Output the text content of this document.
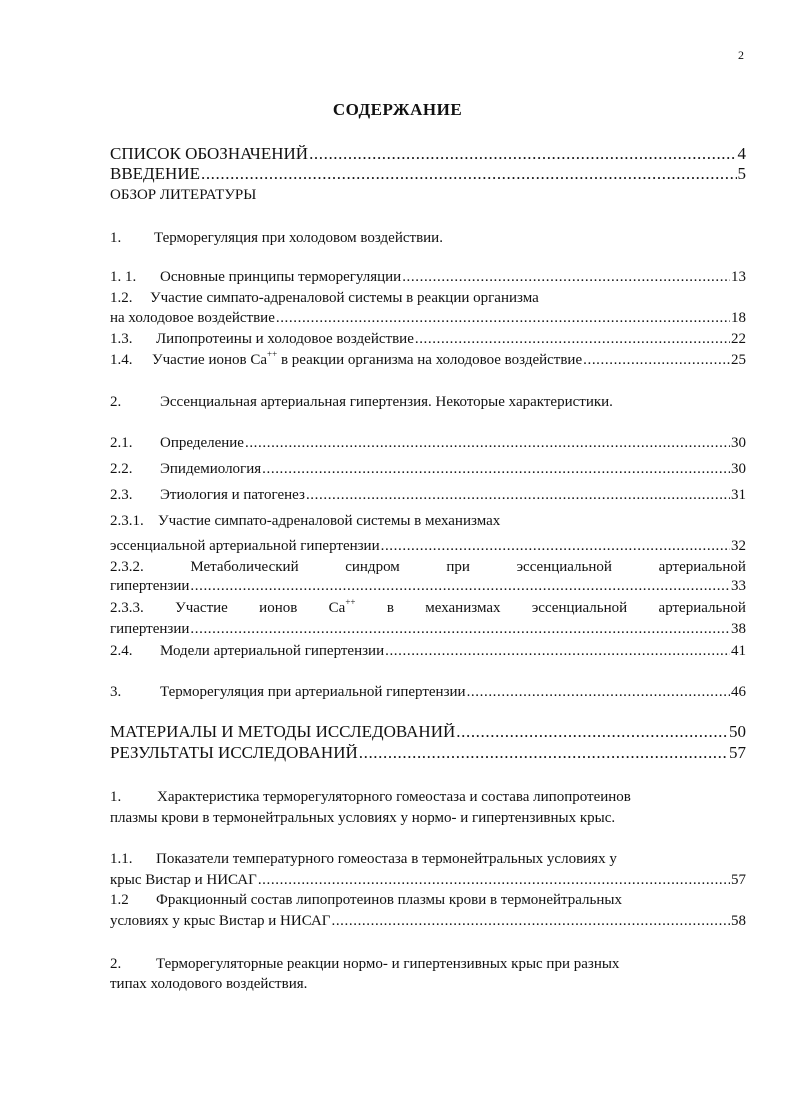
2
СОДЕРЖАНИЕ
СПИСОК ОБОЗНАЧЕНИЙ .....	4
ВВЕДЕНИЕ .....	5
ОБЗОР ЛИТЕРАТУРЫ
1. Терморегуляция при холодовом воздействии.
1. 1. Основные принципы терморегуляции .....	13
1.2. Участие симпато-адреналовой системы в реакции организма
на холодовое воздействие .....	18
1.3. Липопротеины и холодовое воздействие .....	22
1.4. Участие ионов Ca++ в реакции организма на холодовое воздействие .....	25
2.	Эссенциальная артериальная гипертензия. Некоторые характеристики.
2.1. Определение .....	30
2.2. Эпидемиология .....	30
2.3. Этиология и патогенез .....	31
2.3.1. Участие симпато-адреналовой системы в механизмах
эссенциальной артериальной гипертензии .....	32
2.3.2.	Метаболический	синдром	при	эссенциальной	артериальной
гипертензии .....	33
2.3.3. Участие ионов Ca++ в механизмах эссенциальной артериальной
гипертензии .....	38
2.4. Модели артериальной гипертензии .....	41
3.	Терморегуляция при артериальной гипертензии .....	46
МАТЕРИАЛЫ И МЕТОДЫ ИССЛЕДОВАНИЙ .....	50
РЕЗУЛЬТАТЫ ИССЛЕДОВАНИЙ .....	57
1. Характеристика терморегуляторного гомеостаза и состава липопротеинов
плазмы крови в термонейтральных условиях у нормо- и гипертензивных крыс.
1.1. Показатели температурного гомеостаза в термонейтральных условиях у
крыс Вистар и НИСАГ .....	57
1.2 Фракционный состав липопротеинов плазмы крови в термонейтральных
условиях у крыс Вистар и НИСАГ .....	58
2. Терморегуляторные реакции нормо- и гипертензивных крыс при разных
типах холодового воздействия.
